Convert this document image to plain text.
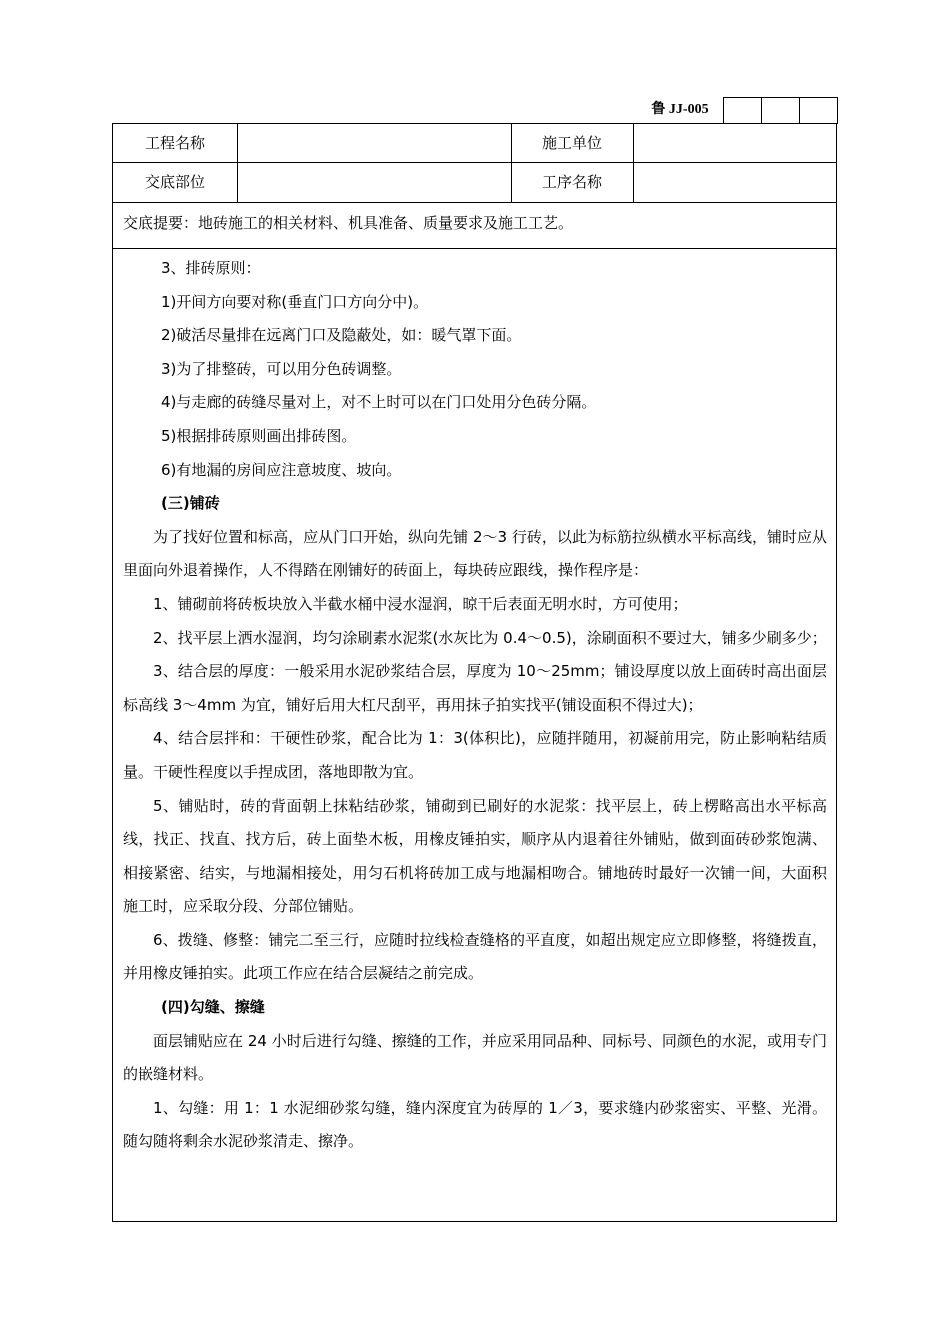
鲁 JJ-005
工程名称	施工单位
交底部位	工序名称
交底提要：地砖施工的相关材料、机具准备、质量要求及施工工艺。

3、排砖原则：

1)开间方向要对称(垂直门口方向分中)。

2)破活尽量排在远离门口及隐蔽处，如：暖气罩下面。

3)为了排整砖，可以用分色砖调整。

4)与走廊的砖缝尽量对上，对不上时可以在门口处用分色砖分隔。

5)根据排砖原则画出排砖图。

6)有地漏的房间应注意坡度、坡向。

(三)铺砖

为了找好位置和标高，应从门口开始，纵向先铺 2～3 行砖，以此为标筋拉纵横水平标高线，铺时应从里面向外退着操作，人不得踏在刚铺好的砖面上，每块砖应跟线，操作程序是：

1、铺砌前将砖板块放入半截水桶中浸水湿润，晾干后表面无明水时，方可使用；

2、找平层上洒水湿润，均匀涂刷素水泥浆(水灰比为 0.4～0.5)，涂刷面积不要过大，铺多少刷多少；

3、结合层的厚度：一般采用水泥砂浆结合层，厚度为 10～25mm；铺设厚度以放上面砖时高出面层标高线 3～4mm 为宜，铺好后用大杠尺刮平，再用抹子拍实找平(铺设面积不得过大)；

4、结合层拌和：干硬性砂浆，配合比为 1：3(体积比)，应随拌随用，初凝前用完，防止影响粘结质量。干硬性程度以手捏成团，落地即散为宜。

5、铺贴时，砖的背面朝上抹粘结砂浆，铺砌到已刷好的水泥浆：找平层上，砖上楞略高出水平标高线，找正、找直、找方后，砖上面垫木板，用橡皮锤拍实，顺序从内退着往外铺贴，做到面砖砂浆饱满、相接紧密、结实，与地漏相接处，用匀石机将砖加工成与地漏相吻合。铺地砖时最好一次铺一间，大面积施工时，应采取分段、分部位铺贴。

6、拨缝、修整：铺完二至三行，应随时拉线检查缝格的平直度，如超出规定应立即修整，将缝拨直，并用橡皮锤拍实。此项工作应在结合层凝结之前完成。

(四)勾缝、擦缝

面层铺贴应在 24 小时后进行勾缝、擦缝的工作，并应采用同品种、同标号、同颜色的水泥，或用专门的嵌缝材料。

1、勾缝：用 1：1 水泥细砂浆勾缝，缝内深度宜为砖厚的 1／3，要求缝内砂浆密实、平整、光滑。随勾随将剩余水泥砂浆清走、擦净。
